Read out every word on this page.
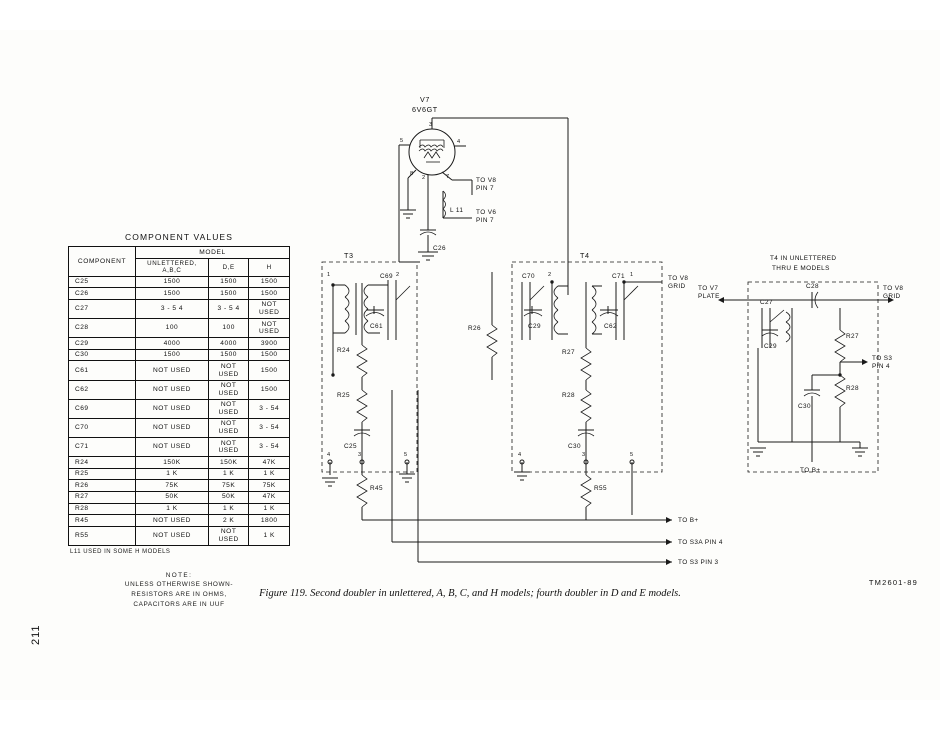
COMPONENT VALUES
COMPONENT	MODEL		
	UNLETTERED, A,B,C	D,E	H
C25	1500	1500	1500
C26	1500	1500	1500
C27	3 - 5 4	3 - 5 4	NOT USED
C28	100	100	NOT USED
C29	4000	4000	3900
C30	1500	1500	1500
C61	NOT USED	NOT USED	1500
C62	NOT USED	NOT USED	1500
C69	NOT USED	NOT USED	3 - 54
C70	NOT USED	NOT USED	3 - 54
C71	NOT USED	NOT USED	3 - 54
R24	150K	150K	47K
R25	1 K	1 K	1 K
R26	75K	75K	75K
R27	50K	50K	47K
R28	1 K	1 K	1 K
R45	NOT USED	2 K	1800
R55	NOT USED	NOT USED	1 K
L11 USED IN SOME H MODELS
NOTE:
UNLESS OTHERWISE SHOWN-
RESISTORS ARE IN OHMS,
CAPACITORS ARE IN UUF
3
5	4
8
2	7
V7
6V6GT
TO V8
PIN 7
L 11 TO V6
PIN 7
C26
T3
C69
C61
1	2
4	3	5
R24
R25
C25
R45
R26
T4
C70
C29
C71
C62
2	1	TO V8
GRID
R27
R28
C30
4	3	5
R55
TO B+
TO S3A PIN 4
TO S3 PIN 3
T4 IN UNLETTERED
THRU E MODELS
TO V7
PLATE
TO V8
GRID
C28
C27
C29
R27
TO S3
PIN 4
R28
C30
TO B+
Figure 119. Second doubler in unlettered, A, B, C, and H models; fourth doubler in D and E models.
TM2601-89
211
